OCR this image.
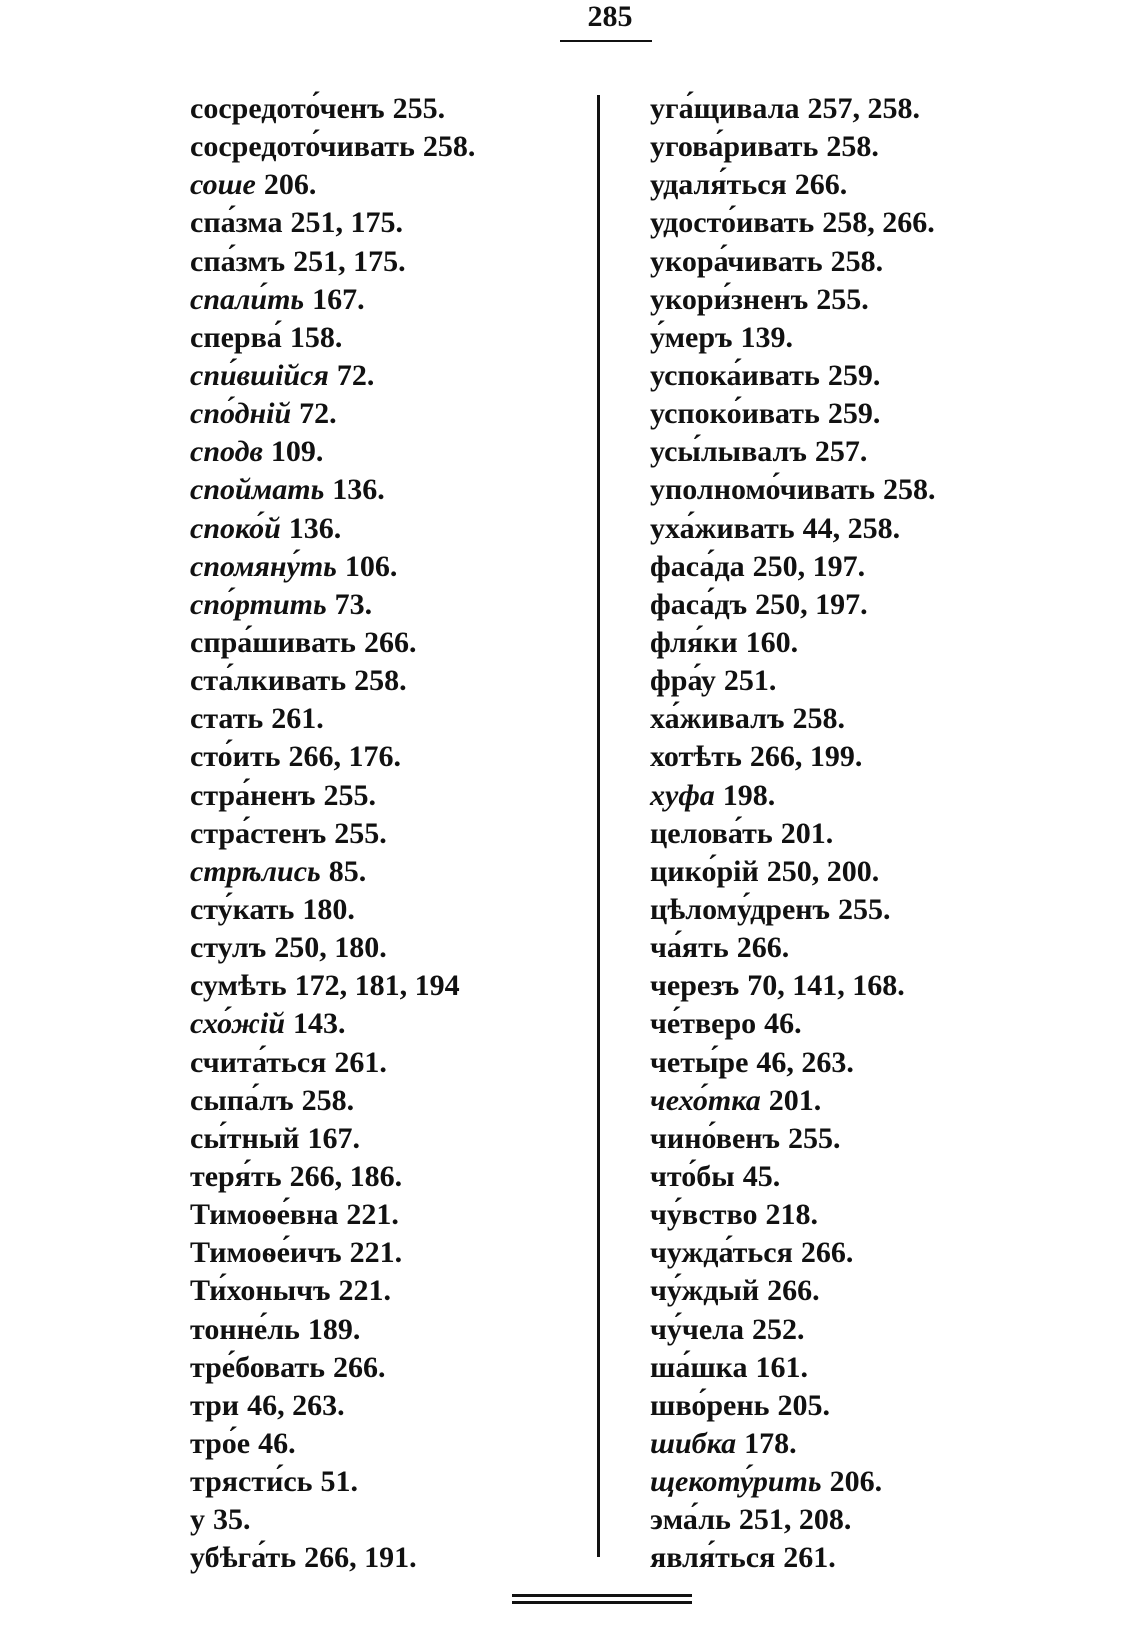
285
сосредото́ченъ 255.
сосредото́чивать 258.
соше 206.
спа́зма 251, 175.
спа́змъ 251, 175.
спали́ть 167.
сперва́ 158.
спи́вшійся 72.
спо́днiй 72.
сподв 109.
споймать 136.
споко́й 136.
спомяну́ть 106.
спо́ртить 73.
спра́шивать 266.
ста́лкивать 258.
стать 261.
сто́ить 266, 176.
стра́ненъ 255.
стра́стенъ 255.
стрѣлись 85.
сту́кать 180.
стулъ 250, 180.
сумѣть 172, 181, 194
схо́жій 143.
счита́ться 261.
сыпа́лъ 258.
сы́тный 167.
теря́ть 266, 186.
Тимоѳе́вна 221.
Тимоѳе́ичъ 221.
Ти́хонычъ 221.
тонне́ль 189.
тре́бовать 266.
три 46, 263.
тро́е 46.
трясти́сь 51.
у 35.
убѣга́ть 266, 191.
уга́щивала 257, 258.
угова́ривать 258.
удаля́ться 266.
удосто́ивать 258, 266.
укора́чивать 258.
укори́зненъ 255.
у́меръ 139.
успока́ивать 259.
успоко́ивать 259.
усы́лывалъ 257.
уполномо́чивать 258.
уха́живать 44, 258.
фаса́да 250, 197.
фаса́дъ 250, 197.
фля́ки 160.
фра́у 251.
ха́живалъ 258.
хотѣть 266, 199.
хуфа 198.
целова́ть 201.
цико́рій 250, 200.
цѣлому́дренъ 255.
ча́ять 266.
черезъ 70, 141, 168.
че́тверо 46.
четы́ре 46, 263.
чехо́тка 201.
чино́венъ 255.
что́бы 45.
чу́вство 218.
чужда́ться 266.
чу́ждый 266.
чу́чела 252.
ша́шка 161.
шво́рень 205.
шибка 178.
щекоту́рить 206.
эма́ль 251, 208.
явля́ться 261.
